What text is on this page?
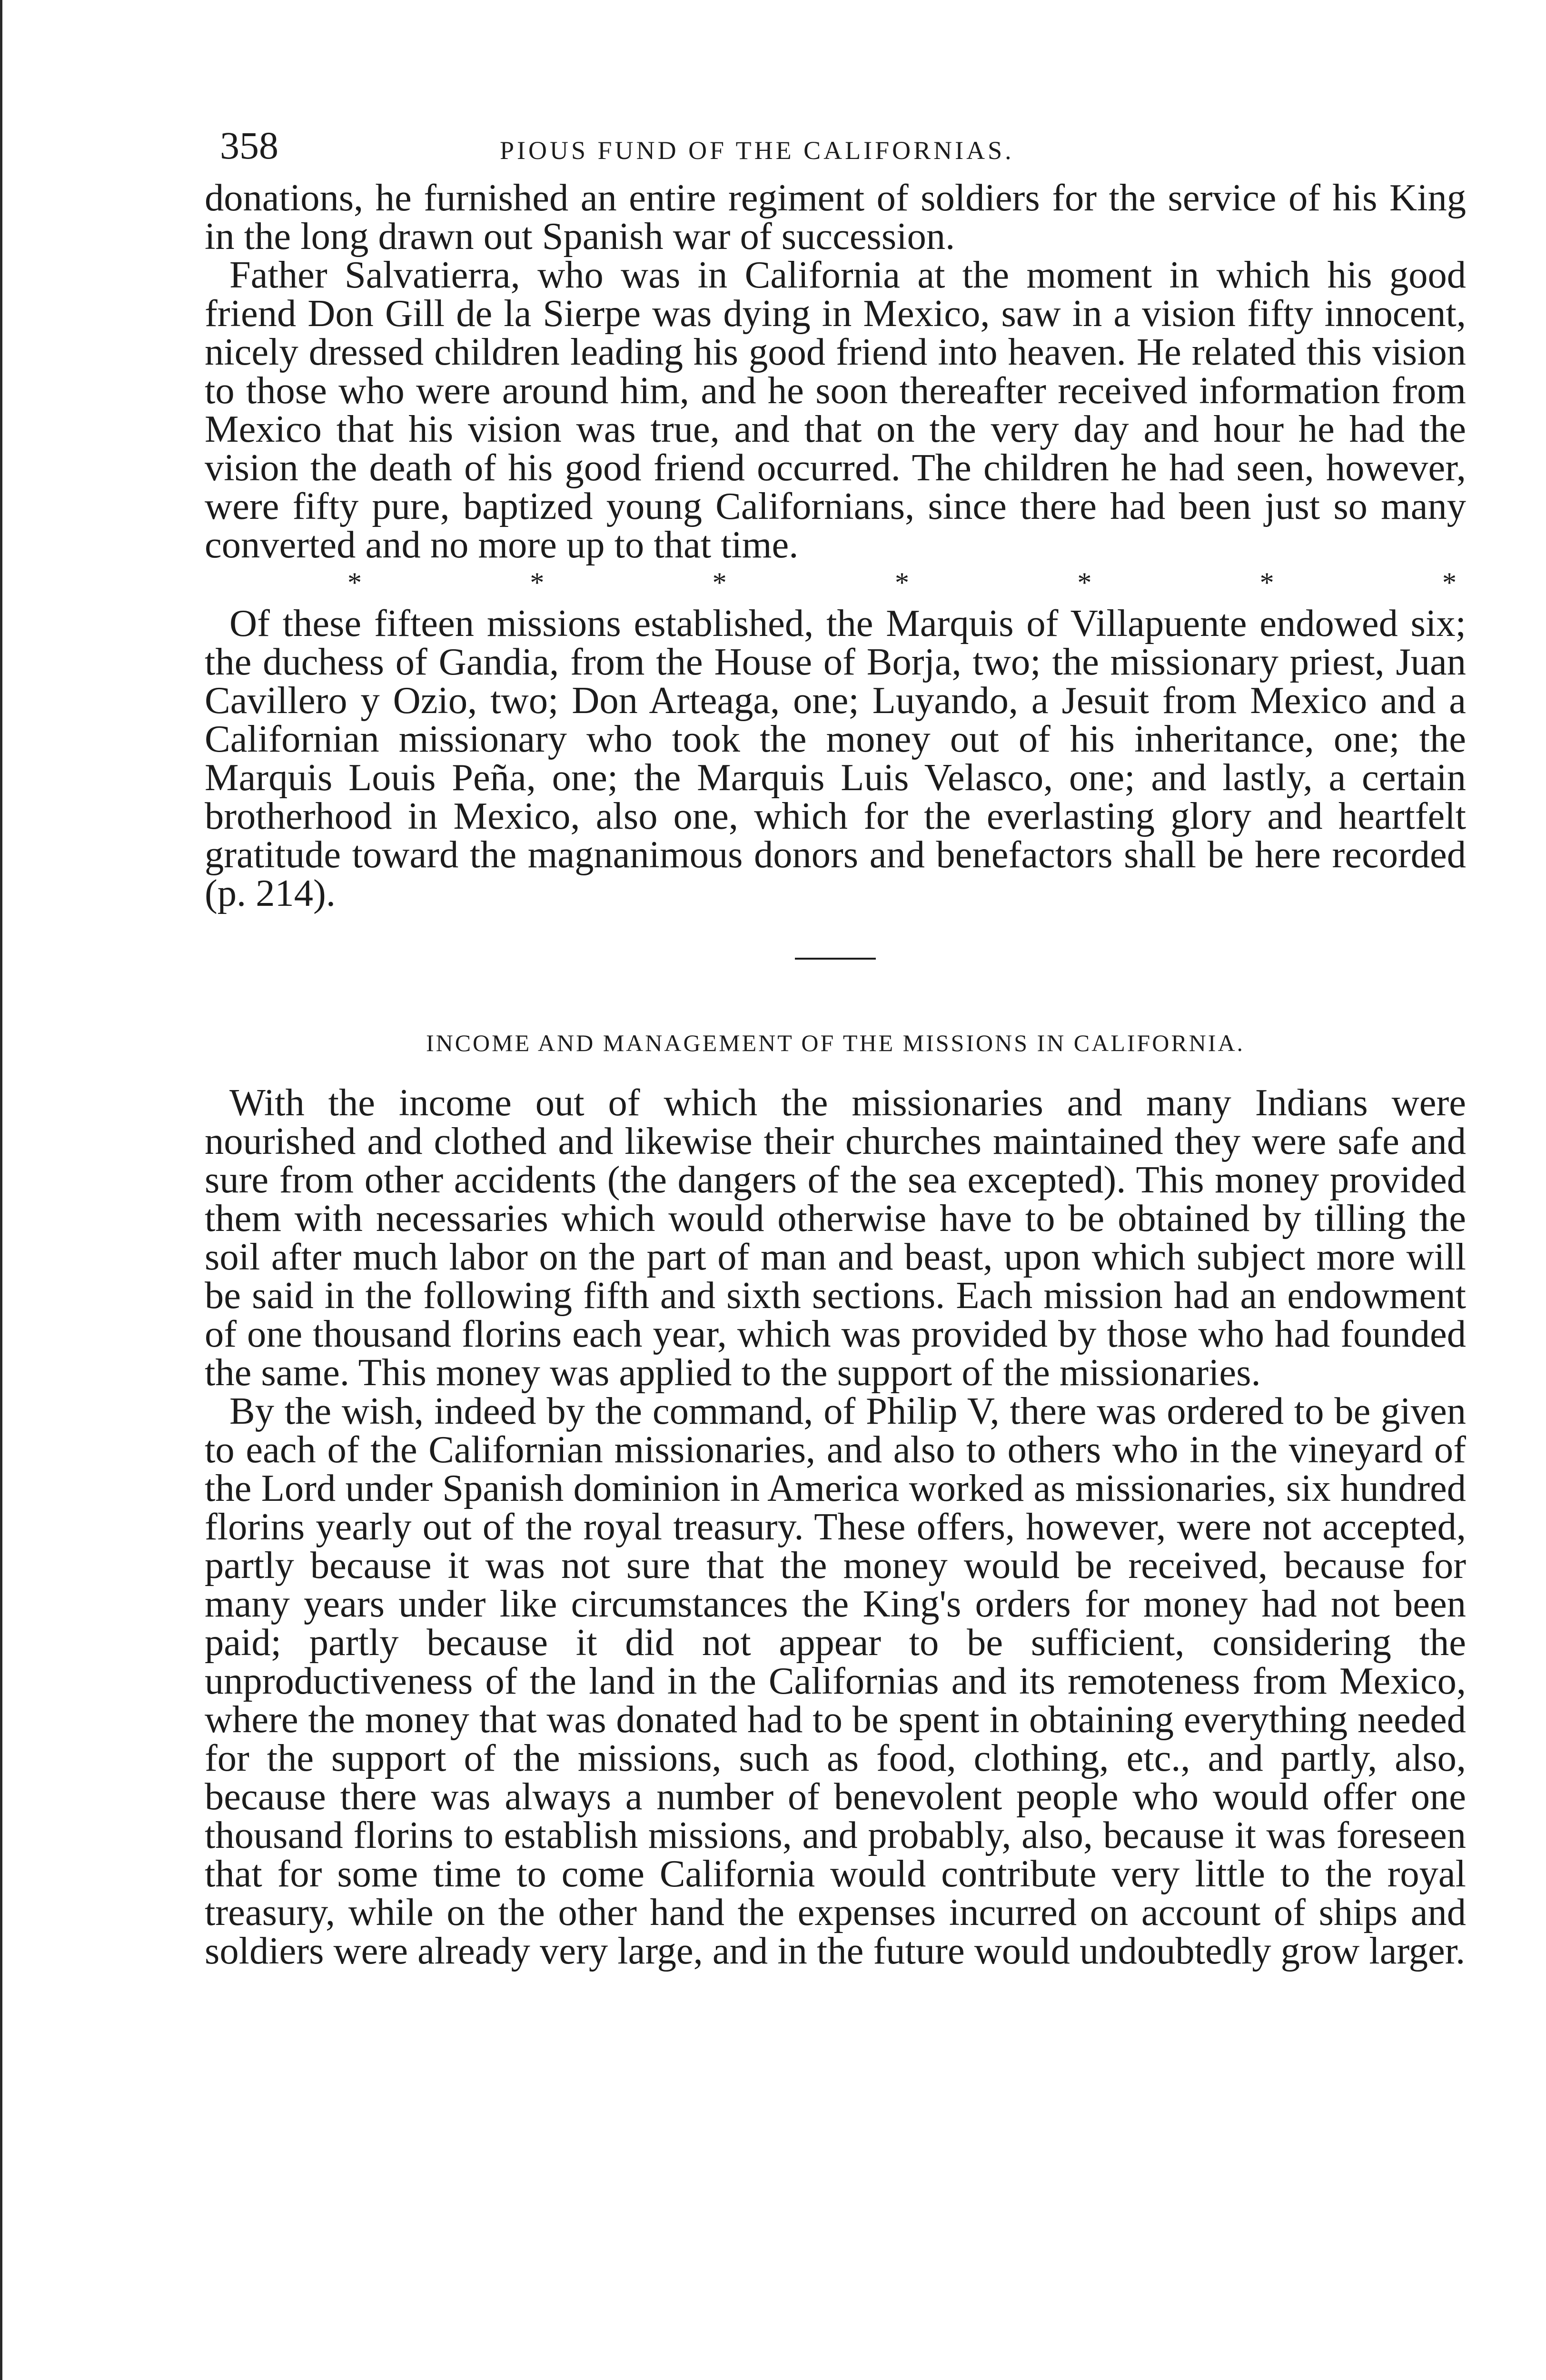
358	PIOUS FUND OF THE CALIFORNIAS.

donations, he furnished an entire regiment of soldiers for the service of his King in the long drawn out Spanish war of succession.

Father Salvatierra, who was in California at the moment in which his good friend Don Gill de la Sierpe was dying in Mexico, saw in a vision fifty innocent, nicely dressed children leading his good friend into heaven. He related this vision to those who were around him, and he soon thereafter received information from Mexico that his vision was true, and that on the very day and hour he had the vision the death of his good friend occurred. The children he had seen, however, were fifty pure, baptized young Californians, since there had been just so many converted and no more up to that time.

*	*	*	*	*	*	*

Of these fifteen missions established, the Marquis of Villapuente endowed six; the duchess of Gandia, from the House of Borja, two; the missionary priest, Juan Cavillero y Ozio, two; Don Arteaga, one; Luyando, a Jesuit from Mexico and a Californian missionary who took the money out of his inheritance, one; the Marquis Louis Peña, one; the Marquis Luis Velasco, one; and lastly, a certain brotherhood in Mexico, also one, which for the everlasting glory and heartfelt gratitude toward the magnanimous donors and benefactors shall be here recorded (p. 214).

INCOME AND MANAGEMENT OF THE MISSIONS IN CALIFORNIA.

With the income out of which the missionaries and many Indians were nourished and clothed and likewise their churches maintained they were safe and sure from other accidents (the dangers of the sea excepted). This money provided them with necessaries which would otherwise have to be obtained by tilling the soil after much labor on the part of man and beast, upon which subject more will be said in the following fifth and sixth sections. Each mission had an endowment of one thousand florins each year, which was provided by those who had founded the same. This money was applied to the support of the missionaries.

By the wish, indeed by the command, of Philip V, there was ordered to be given to each of the Californian missionaries, and also to others who in the vineyard of the Lord under Spanish dominion in America worked as missionaries, six hundred florins yearly out of the royal treasury. These offers, however, were not accepted, partly because it was not sure that the money would be received, because for many years under like circumstances the King's orders for money had not been paid; partly because it did not appear to be sufficient, considering the unproductiveness of the land in the Californias and its remoteness from Mexico, where the money that was donated had to be spent in obtaining everything needed for the support of the missions, such as food, clothing, etc., and partly, also, because there was always a number of benevolent people who would offer one thousand florins to establish missions, and probably, also, because it was foreseen that for some time to come California would contribute very little to the royal treasury, while on the other hand the expenses incurred on account of ships and soldiers were already very large, and in the future would undoubtedly grow larger.
